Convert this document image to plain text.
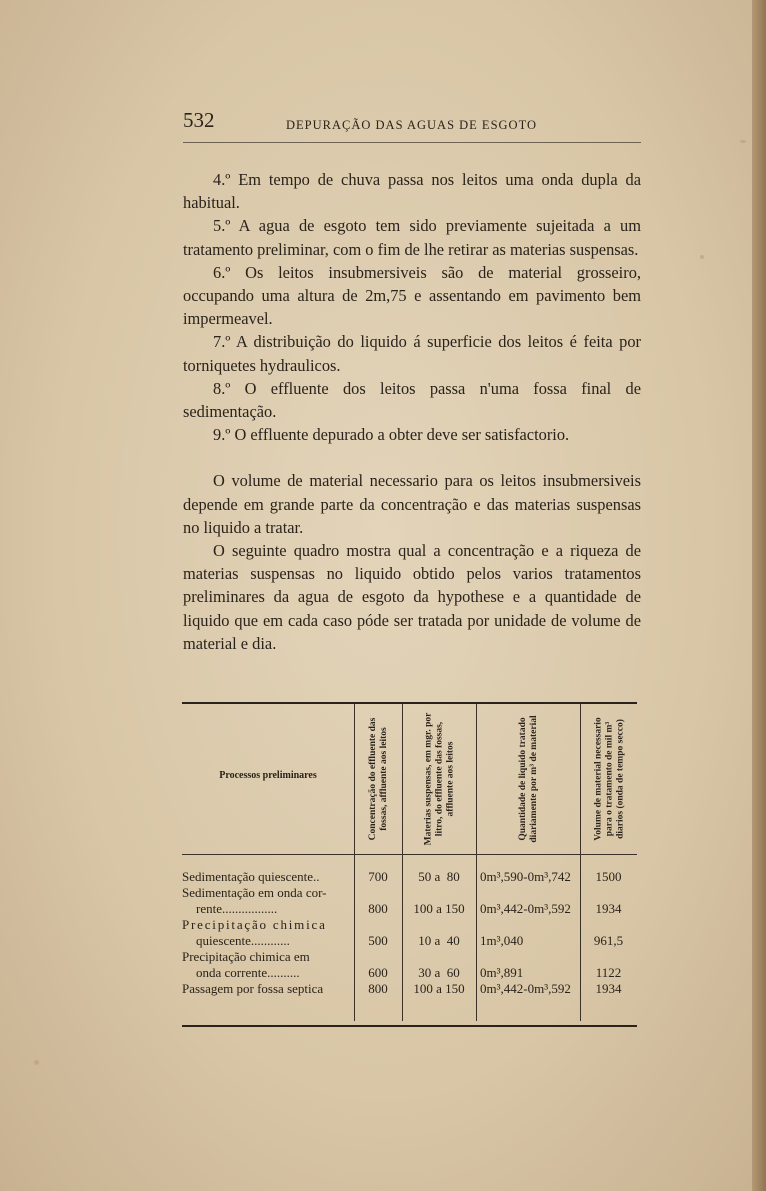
532	DEPURAÇÃO DAS AGUAS DE ESGOTO

4.º Em tempo de chuva passa nos leitos uma onda dupla da habitual.

5.º A agua de esgoto tem sido previamente sujeitada a um tratamento preliminar, com o fim de lhe retirar as materias suspensas.

6.º Os leitos insubmersiveis são de material grosseiro, occupando uma altura de 2m,75 e assentando em pavimento bem impermeavel.

7.º A distribuição do liquido á superficie dos leitos é feita por torniquetes hydraulicos.

8.º O effluente dos leitos passa n'uma fossa final de sedimentação.

9.º O effluente depurado a obter deve ser satisfactorio.

O volume de material necessario para os leitos insubmersiveis depende em grande parte da concentração e das materias suspensas no liquido a tratar.

O seguinte quadro mostra qual a concentração e a riqueza de materias suspensas no liquido obtido pelos varios tratamentos preliminares da agua de esgoto da hypothese e a quantidade de liquido que em cada caso póde ser tratada por unidade de volume de material e dia.

Processos preliminares	Concentração do effluente das fossas, affluente aos leitos	Materias suspensas, em mgr. por litro, do effluente das fossas, affluente aos leitos	Quantidade de liquido tratado diariamente por m³ de material	Volume de material necessario para o tratamento de mil m³ diarios (onda de tempo secco)
Sedimentação quiescente..	700	50 a  80	0m³,590-0m³,742	1500
Sedimentação em onda cor-
rente.................	800	100 a 150	0m³,442-0m³,592	1934
Precipitação chimica
quiescente............	500	10 a  40	1m³,040	961,5
Precipitação chimica em
onda corrente..........	600	30 a  60	0m³,891	1122
Passagem por fossa septica	800	100 a 150	0m³,442-0m³,592	1934
